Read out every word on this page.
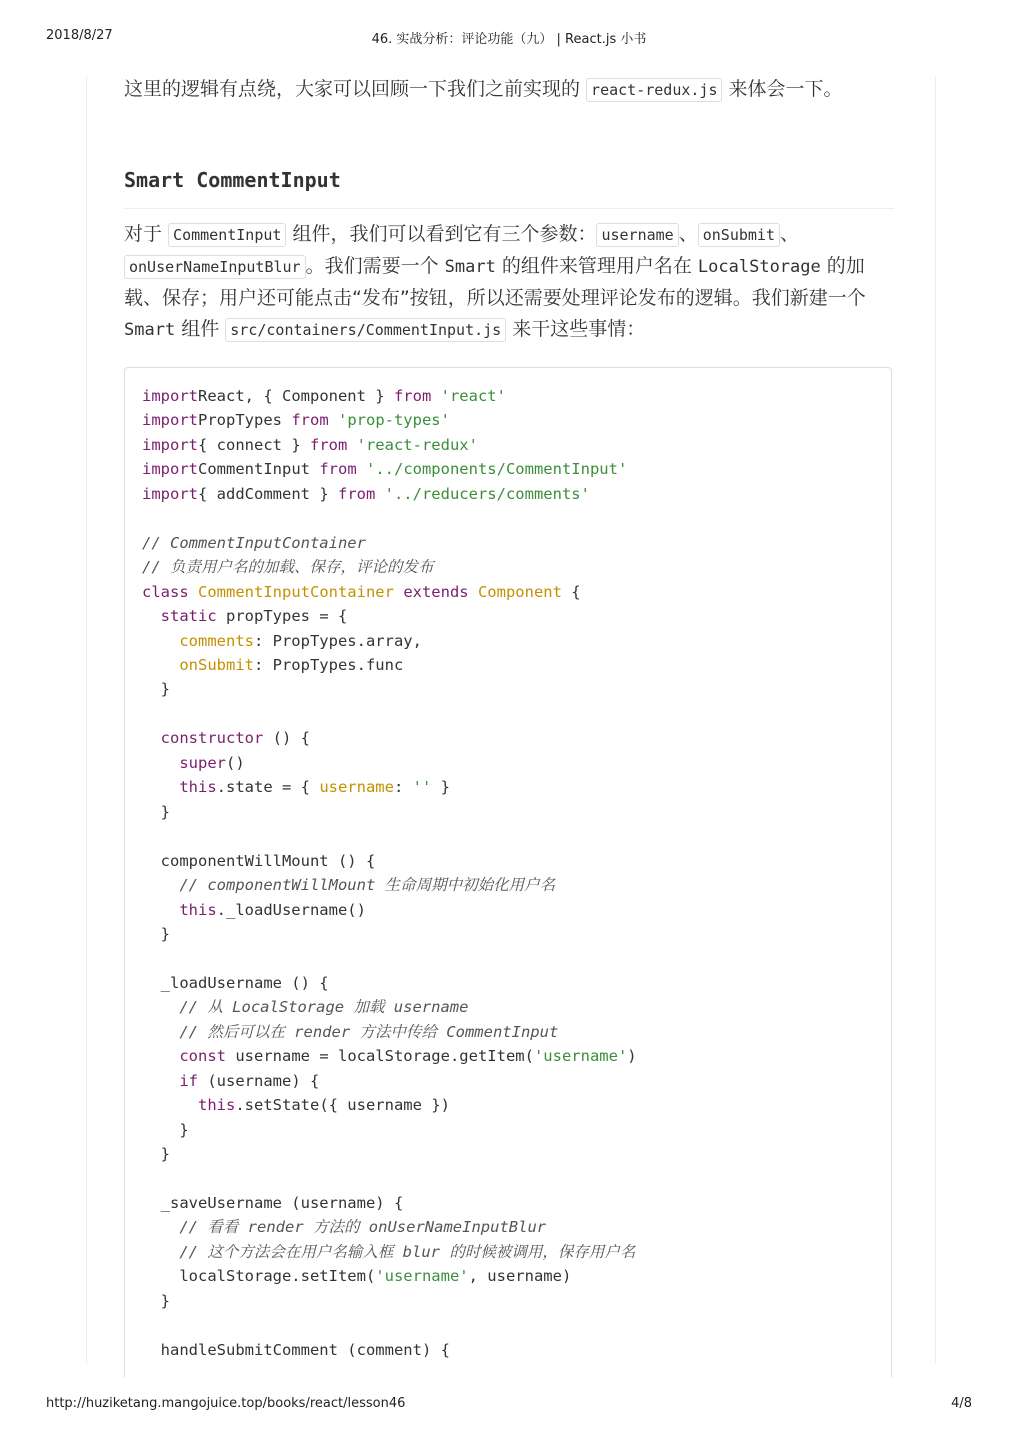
2018/8/27	46. 实战分析：评论功能（九） | React.js 小书

这里的逻辑有点绕，大家可以回顾一下我们之前实现的 react-redux.js 来体会一下。

Smart CommentInput

对于 CommentInput 组件，我们可以看到它有三个参数： username 、 onSubmit 、onUserNameInputBlur 。我们需要一个 Smart 的组件来管理用户名在 LocalStorage 的加载、保存；用户还可能点击“发布”按钮，所以还需要处理评论发布的逻辑。我们新建一个 Smart 组件 src/containers/CommentInput.js 来干这些事情：

importReact, { Component } from 'react'
importPropTypes from 'prop-types'
import{ connect } from 'react-redux'
importCommentInput from '../components/CommentInput'
import{ addComment } from '../reducers/comments'

// CommentInputContainer
// 负责用户名的加载、保存，评论的发布
class CommentInputContainer extends Component {
static propTypes = {
comments: PropTypes.array,
onSubmit: PropTypes.func
}

constructor () {
super()
this.state = { username: '' }
}

componentWillMount () {
// componentWillMount 生命周期中初始化用户名
this._loadUsername()
}

_loadUsername () {
// 从 LocalStorage 加载 username
// 然后可以在 render 方法中传给 CommentInput
const username = localStorage.getItem('username')
if (username) {
this.setState({ username })
}
}

_saveUsername (username) {
// 看看 render 方法的 onUserNameInputBlur
// 这个方法会在用户名输入框 blur 的时候被调用，保存用户名
localStorage.setItem('username', username)
}

handleSubmitComment (comment) {
http://huziketang.mangojuice.top/books/react/lesson46	4/8
